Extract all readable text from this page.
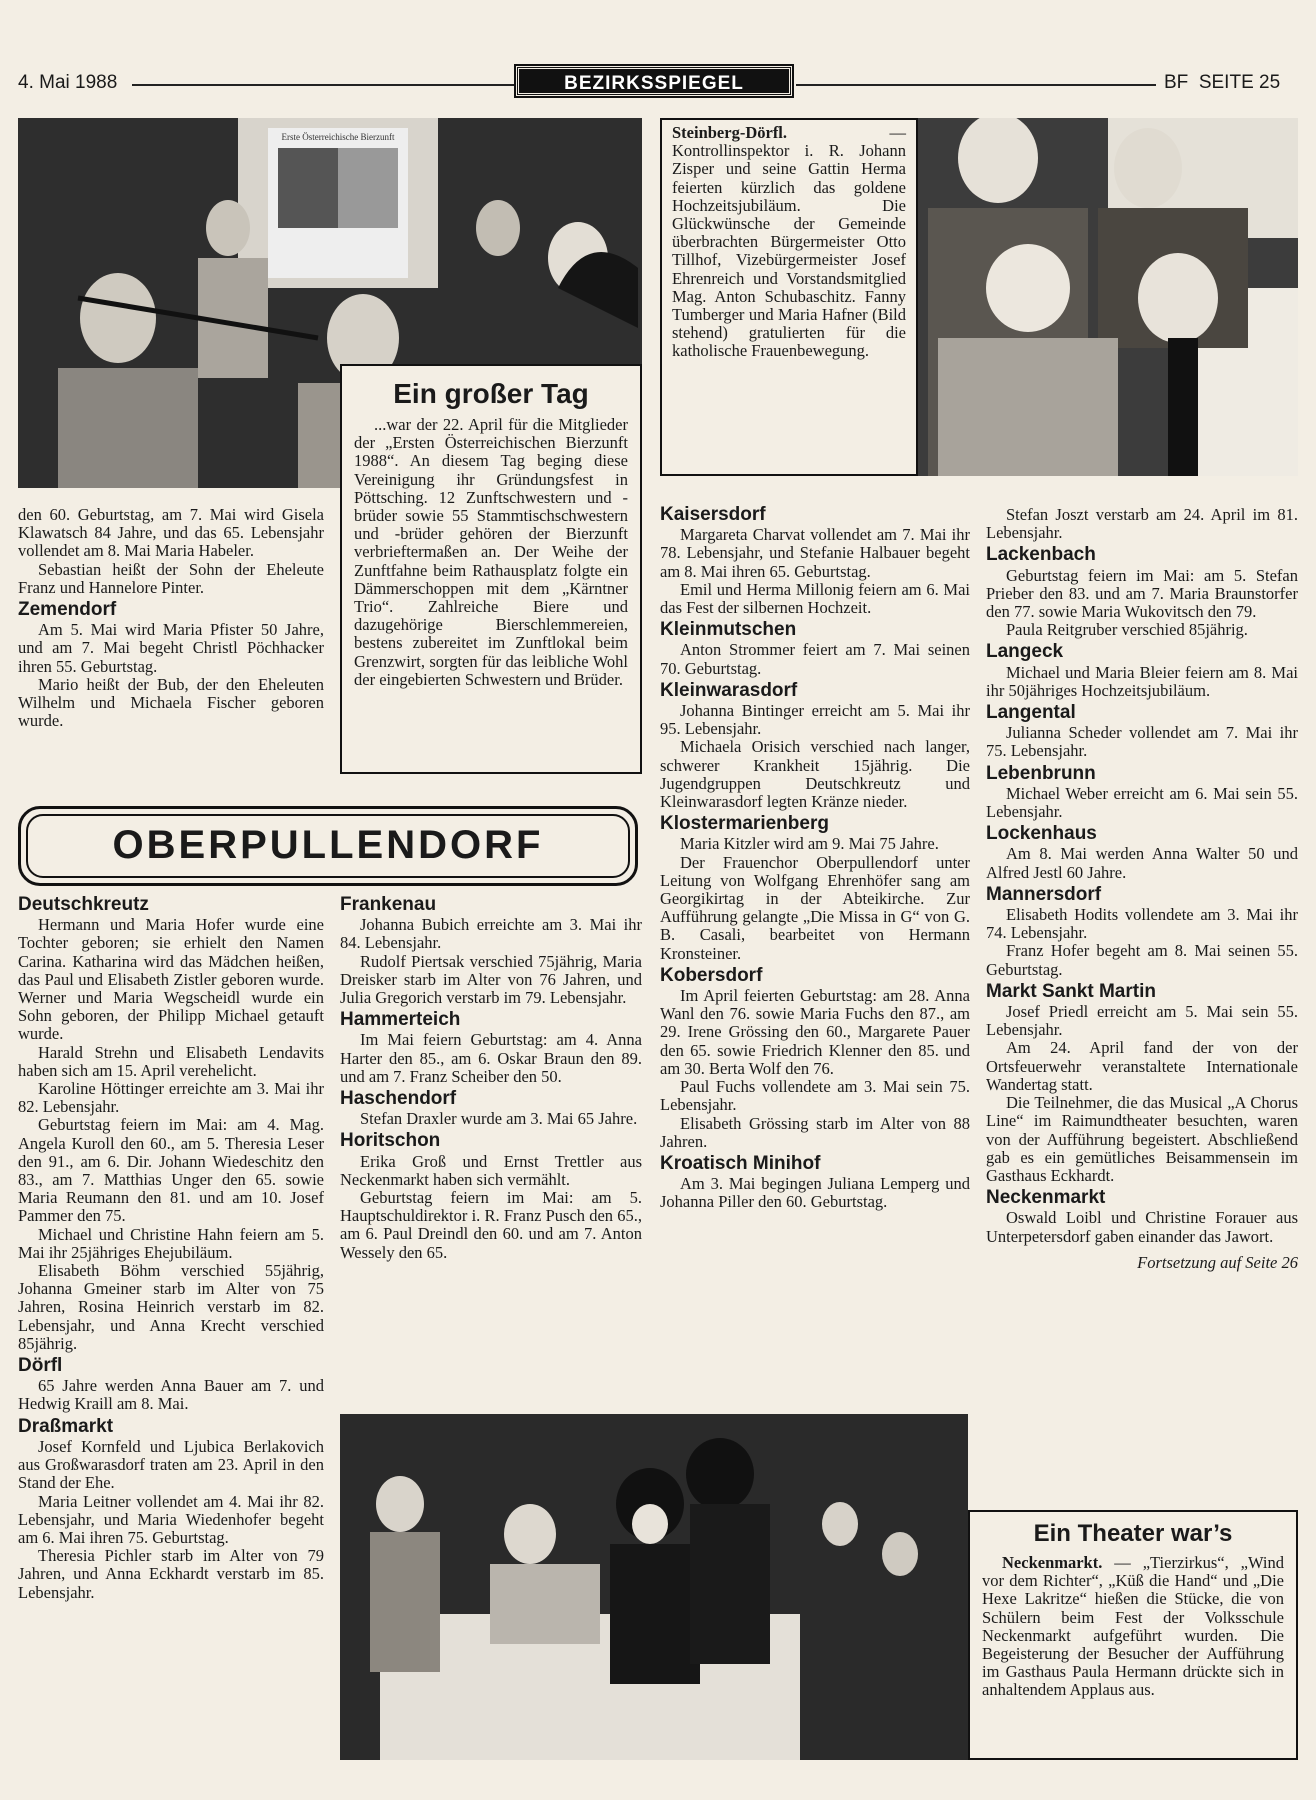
4. Mai 1988	BEZIRKSSPIEGEL	BF  SEITE 25
Erste Österreichische Bierzunft
Ein großer Tag

...war der 22. April für die Mitglieder der „Ersten Österreichischen Bierzunft 1988“. An diesem Tag beging diese Vereinigung ihr Gründungsfest in Pöttsching. 12 Zunftschwestern und -brüder sowie 55 Stammtischschwestern und -brüder gehören der Bierzunft verbrieftermaßen an. Der Weihe der Zunftfahne beim Rathausplatz folgte ein Dämmerschoppen mit dem „Kärntner Trio“. Zahlreiche Biere und dazugehörige Bierschlemmereien, bestens zubereitet im Zunftlokal beim Grenzwirt, sorgten für das leibliche Wohl der eingebierten Schwestern und Brüder.

Steinberg-Dörfl. — Kontrollinspektor i. R. Johann Zisper und seine Gattin Herma feierten kürzlich das goldene Hochzeitsjubiläum. Die Glückwünsche der Gemeinde überbrachten Bürgermeister Otto Tillhof, Vizebürgermeister Josef Ehrenreich und Vorstandsmitglied Mag. Anton Schubaschitz. Fanny Tumberger und Maria Hafner (Bild stehend) gratulierten für die katholische Frauenbewegung.

den 60. Geburtstag, am 7. Mai wird Gisela Klawatsch 84 Jahre, und das 65. Lebensjahr vollendet am 8. Mai Maria Habeler.

Sebastian heißt der Sohn der Eheleute Franz und Hannelore Pinter.

Zemendorf

Am 5. Mai wird Maria Pfister 50 Jahre, und am 7. Mai begeht Christl Pöchhacker ihren 55. Geburtstag.

Mario heißt der Bub, der den Eheleuten Wilhelm und Michaela Fischer geboren wurde.

OBERPULLENDORF
Deutschkreutz

Hermann und Maria Hofer wurde eine Tochter geboren; sie erhielt den Namen Carina. Katharina wird das Mädchen heißen, das Paul und Elisabeth Zistler geboren wurde. Werner und Maria Wegscheidl wurde ein Sohn geboren, der Philipp Michael getauft wurde.

Harald Strehn und Elisabeth Lendavits haben sich am 15. April verehelicht.

Karoline Höttinger erreichte am 3. Mai ihr 82. Lebensjahr.

Geburtstag feiern im Mai: am 4. Mag. Angela Kuroll den 60., am 5. Theresia Leser den 91., am 6. Dir. Johann Wiedeschitz den 83., am 7. Matthias Unger den 65. sowie Maria Reumann den 81. und am 10. Josef Pammer den 75.

Michael und Christine Hahn feiern am 5. Mai ihr 25jähriges Ehejubiläum.

Elisabeth Böhm verschied 55jährig, Johanna Gmeiner starb im Alter von 75 Jahren, Rosina Heinrich verstarb im 82. Lebensjahr, und Anna Krecht verschied 85jährig.

Dörfl

65 Jahre werden Anna Bauer am 7. und Hedwig Kraill am 8. Mai.

Draßmarkt

Josef Kornfeld und Ljubica Berlakovich aus Großwarasdorf traten am 23. April in den Stand der Ehe.

Maria Leitner vollendet am 4. Mai ihr 82. Lebensjahr, und Maria Wiedenhofer begeht am 6. Mai ihren 75. Geburtstag.

Theresia Pichler starb im Alter von 79 Jahren, und Anna Eckhardt verstarb im 85. Lebensjahr.

Frankenau

Johanna Bubich erreichte am 3. Mai ihr 84. Lebensjahr.

Rudolf Piertsak verschied 75jährig, Maria Dreisker starb im Alter von 76 Jahren, und Julia Gregorich verstarb im 79. Lebensjahr.

Hammerteich

Im Mai feiern Geburtstag: am 4. Anna Harter den 85., am 6. Oskar Braun den 89. und am 7. Franz Scheiber den 50.

Haschendorf

Stefan Draxler wurde am 3. Mai 65 Jahre.

Horitschon

Erika Groß und Ernst Trettler aus Neckenmarkt haben sich vermählt.

Geburtstag feiern im Mai: am 5. Hauptschuldirektor i. R. Franz Pusch den 65., am 6. Paul Dreindl den 60. und am 7. Anton Wessely den 65.

Kaisersdorf

Margareta Charvat vollendet am 7. Mai ihr 78. Lebensjahr, und Stefanie Halbauer begeht am 8. Mai ihren 65. Geburtstag.

Emil und Herma Millonig feiern am 6. Mai das Fest der silbernen Hochzeit.

Kleinmutschen

Anton Strommer feiert am 7. Mai seinen 70. Geburtstag.

Kleinwarasdorf

Johanna Bintinger erreicht am 5. Mai ihr 95. Lebensjahr.

Michaela Orisich verschied nach langer, schwerer Krankheit 15jährig. Die Jugendgruppen Deutschkreutz und Kleinwarasdorf legten Kränze nieder.

Klostermarienberg

Maria Kitzler wird am 9. Mai 75 Jahre.

Der Frauenchor Oberpullendorf unter Leitung von Wolfgang Ehrenhöfer sang am Georgikirtag in der Abteikirche. Zur Aufführung gelangte „Die Missa in G“ von G. B. Casali, bearbeitet von Hermann Kronsteiner.

Kobersdorf

Im April feierten Geburtstag: am 28. Anna Wanl den 76. sowie Maria Fuchs den 87., am 29. Irene Grössing den 60., Margarete Pauer den 65. sowie Friedrich Klenner den 85. und am 30. Berta Wolf den 76.

Paul Fuchs vollendete am 3. Mai sein 75. Lebensjahr.

Elisabeth Grössing starb im Alter von 88 Jahren.

Kroatisch Minihof

Am 3. Mai begingen Juliana Lemperg und Johanna Piller den 60. Geburtstag.

Stefan Joszt verstarb am 24. April im 81. Lebensjahr.

Lackenbach

Geburtstag feiern im Mai: am 5. Stefan Prieber den 83. und am 7. Maria Braunstorfer den 77. sowie Maria Wukovitsch den 79.

Paula Reitgruber verschied 85jährig.

Langeck

Michael und Maria Bleier feiern am 8. Mai ihr 50jähriges Hochzeitsjubiläum.

Langental

Julianna Scheder vollendet am 7. Mai ihr 75. Lebensjahr.

Lebenbrunn

Michael Weber erreicht am 6. Mai sein 55. Lebensjahr.

Lockenhaus

Am 8. Mai werden Anna Walter 50 und Alfred Jestl 60 Jahre.

Mannersdorf

Elisabeth Hodits vollendete am 3. Mai ihr 74. Lebensjahr.

Franz Hofer begeht am 8. Mai seinen 55. Geburtstag.

Markt Sankt Martin

Josef Priedl erreicht am 5. Mai sein 55. Lebensjahr.

Am 24. April fand der von der Ortsfeuerwehr veranstaltete Internationale Wandertag statt.

Die Teilnehmer, die das Musical „A Chorus Line“ im Raimundtheater besuchten, waren von der Aufführung begeistert. Abschließend gab es ein gemütliches Beisammensein im Gasthaus Eckhardt.

Neckenmarkt

Oswald Loibl und Christine Forauer aus Unterpetersdorf gaben einander das Jawort.

Fortsetzung auf Seite 26
Ein Theater war’s

Neckenmarkt. — „Tierzirkus“, „Wind vor dem Richter“, „Küß die Hand“ und „Die Hexe Lakritze“ hießen die Stücke, die von Schülern beim Fest der Volksschule Neckenmarkt aufgeführt wurden. Die Begeisterung der Besucher der Aufführung im Gasthaus Paula Hermann drückte sich in anhaltendem Applaus aus.
